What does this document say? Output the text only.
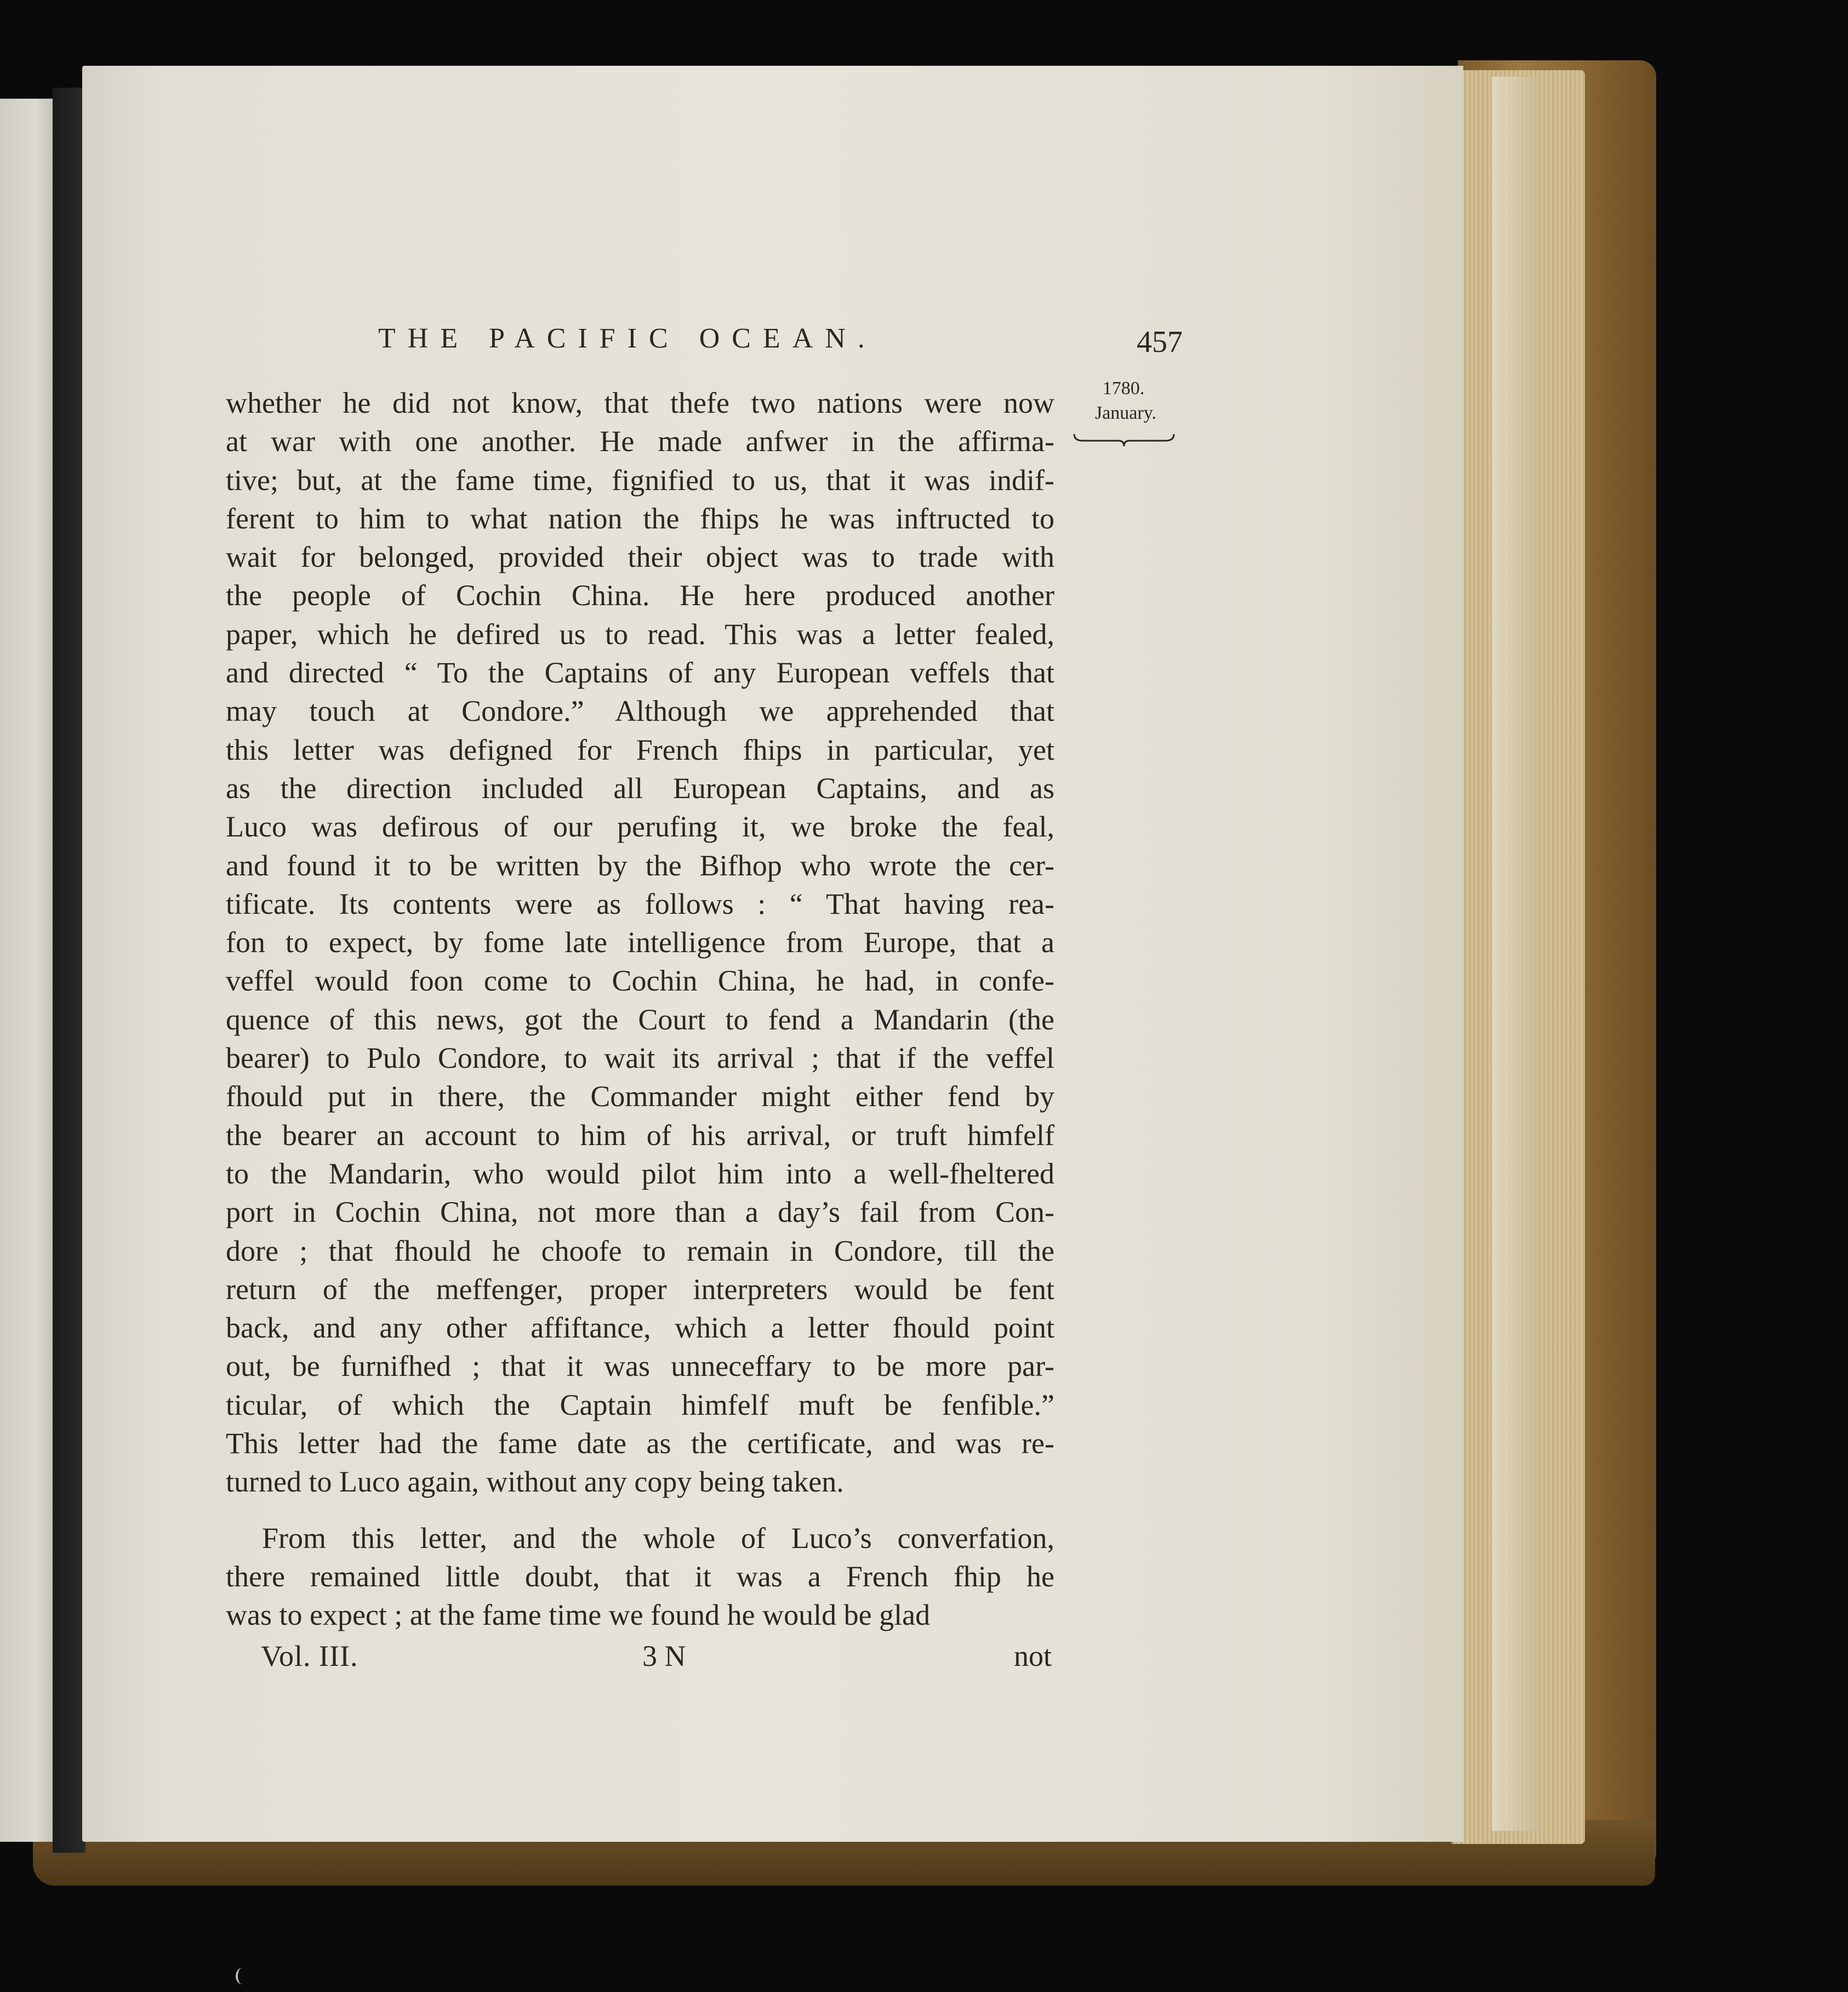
THE PACIFIC OCEAN.	457
1780.
January.
whether he did not know, that thefe two nations were now
at war with one another. He made anfwer in the affirma-
tive; but, at the fame time, fignified to us, that it was indif-
ferent to him to what nation the fhips he was inftructed to
wait for belonged, provided their object was to trade with
the people of Cochin China. He here produced another
paper, which he defired us to read. This was a letter fealed,
and directed “ To the Captains of any European veffels that
may touch at Condore.” Although we apprehended that
this letter was defigned for French fhips in particular, yet
as the direction included all European Captains, and as
Luco was defirous of our perufing it, we broke the feal,
and found it to be written by the Bifhop who wrote the cer-
tificate. Its contents were as follows : “ That having rea-
fon to expect, by fome late intelligence from Europe, that a
veffel would foon come to Cochin China, he had, in confe-
quence of this news, got the Court to fend a Mandarin (the
bearer) to Pulo Condore, to wait its arrival ; that if the veffel
fhould put in there, the Commander might either fend by
the bearer an account to him of his arrival, or truft himfelf
to the Mandarin, who would pilot him into a well-fheltered
port in Cochin China, not more than a day’s fail from Con-
dore ; that fhould he choofe to remain in Condore, till the
return of the meffenger, proper interpreters would be fent
back, and any other affiftance, which a letter fhould point
out, be furnifhed ; that it was unneceffary to be more par-
ticular, of which the Captain himfelf muft be fenfible.”
This letter had the fame date as the certificate, and was re-
turned to Luco again, without any copy being taken.
From this letter, and the whole of Luco’s converfation,
there remained little doubt, that it was a French fhip he
was to expect ; at the fame time we found he would be glad
Vol. III.	3 N	not
